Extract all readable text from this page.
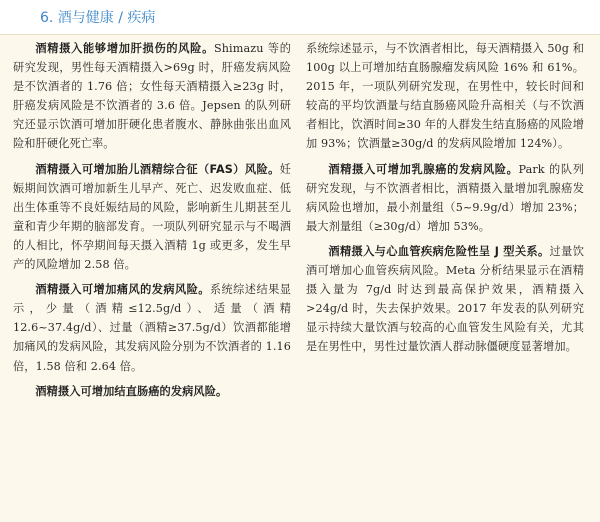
6. 酒与健康 / 疾病

酒精摄入能够增加肝损伤的风险。Shimazu 等的研究发现，男性每天酒精摄入>69g 时，肝癌发病风险是不饮酒者的 1.76 倍；女性每天酒精摄入≥23g 时，肝癌发病风险是不饮酒者的 3.6 倍。Jepsen 的队列研究还显示饮酒可增加肝硬化患者腹水、静脉曲张出血风险和肝硬化死亡率。

酒精摄入可增加胎儿酒精综合征（FAS）风险。妊娠期间饮酒可增加新生儿早产、死亡、迟发败血症、低出生体重等不良妊娠结局的风险，影响新生儿期甚至儿童和青少年期的脑部发育。一项队列研究显示与不喝酒的人相比，怀孕期间每天摄入酒精 1g 或更多，发生早产的风险增加 2.58 倍。

酒精摄入可增加痛风的发病风险。系统综述结果显示，少量（酒精≤12.5g/d）、适量（酒精12.6~37.4g/d）、过量（酒精≥37.5g/d）饮酒都能增加痛风的发病风险，其发病风险分别为不饮酒者的 1.16 倍，1.58 倍和 2.64 倍。

酒精摄入可增加结直肠癌的发病风险。

系统综述显示，与不饮酒者相比，每天酒精摄入 50g 和 100g 以上可增加结直肠腺瘤发病风险 16% 和 61%。2015 年，一项队列研究发现，在男性中，较长时间和较高的平均饮酒量与结直肠癌风险升高相关（与不饮酒者相比，饮酒时间≥30 年的人群发生结直肠癌的风险增加 93%；饮酒量≥30g/d 的发病风险增加 124%）。

酒精摄入可增加乳腺癌的发病风险。Park 的队列研究发现，与不饮酒者相比，酒精摄入量增加乳腺癌发病风险也增加，最小剂量组（5~9.9g/d）增加 23%；最大剂量组（≥30g/d）增加 53%。

酒精摄入与心血管疾病危险性呈 J 型关系。过量饮酒可增加心血管疾病风险。Meta 分析结果显示在酒精摄入量为 7g/d 时达到最高保护效果，酒精摄入 >24g/d 时，失去保护效果。2017 年发表的队列研究显示持续大量饮酒与较高的心血管发生风险有关，尤其是在男性中，男性过量饮酒人群动脉僵硬度显著增加。
